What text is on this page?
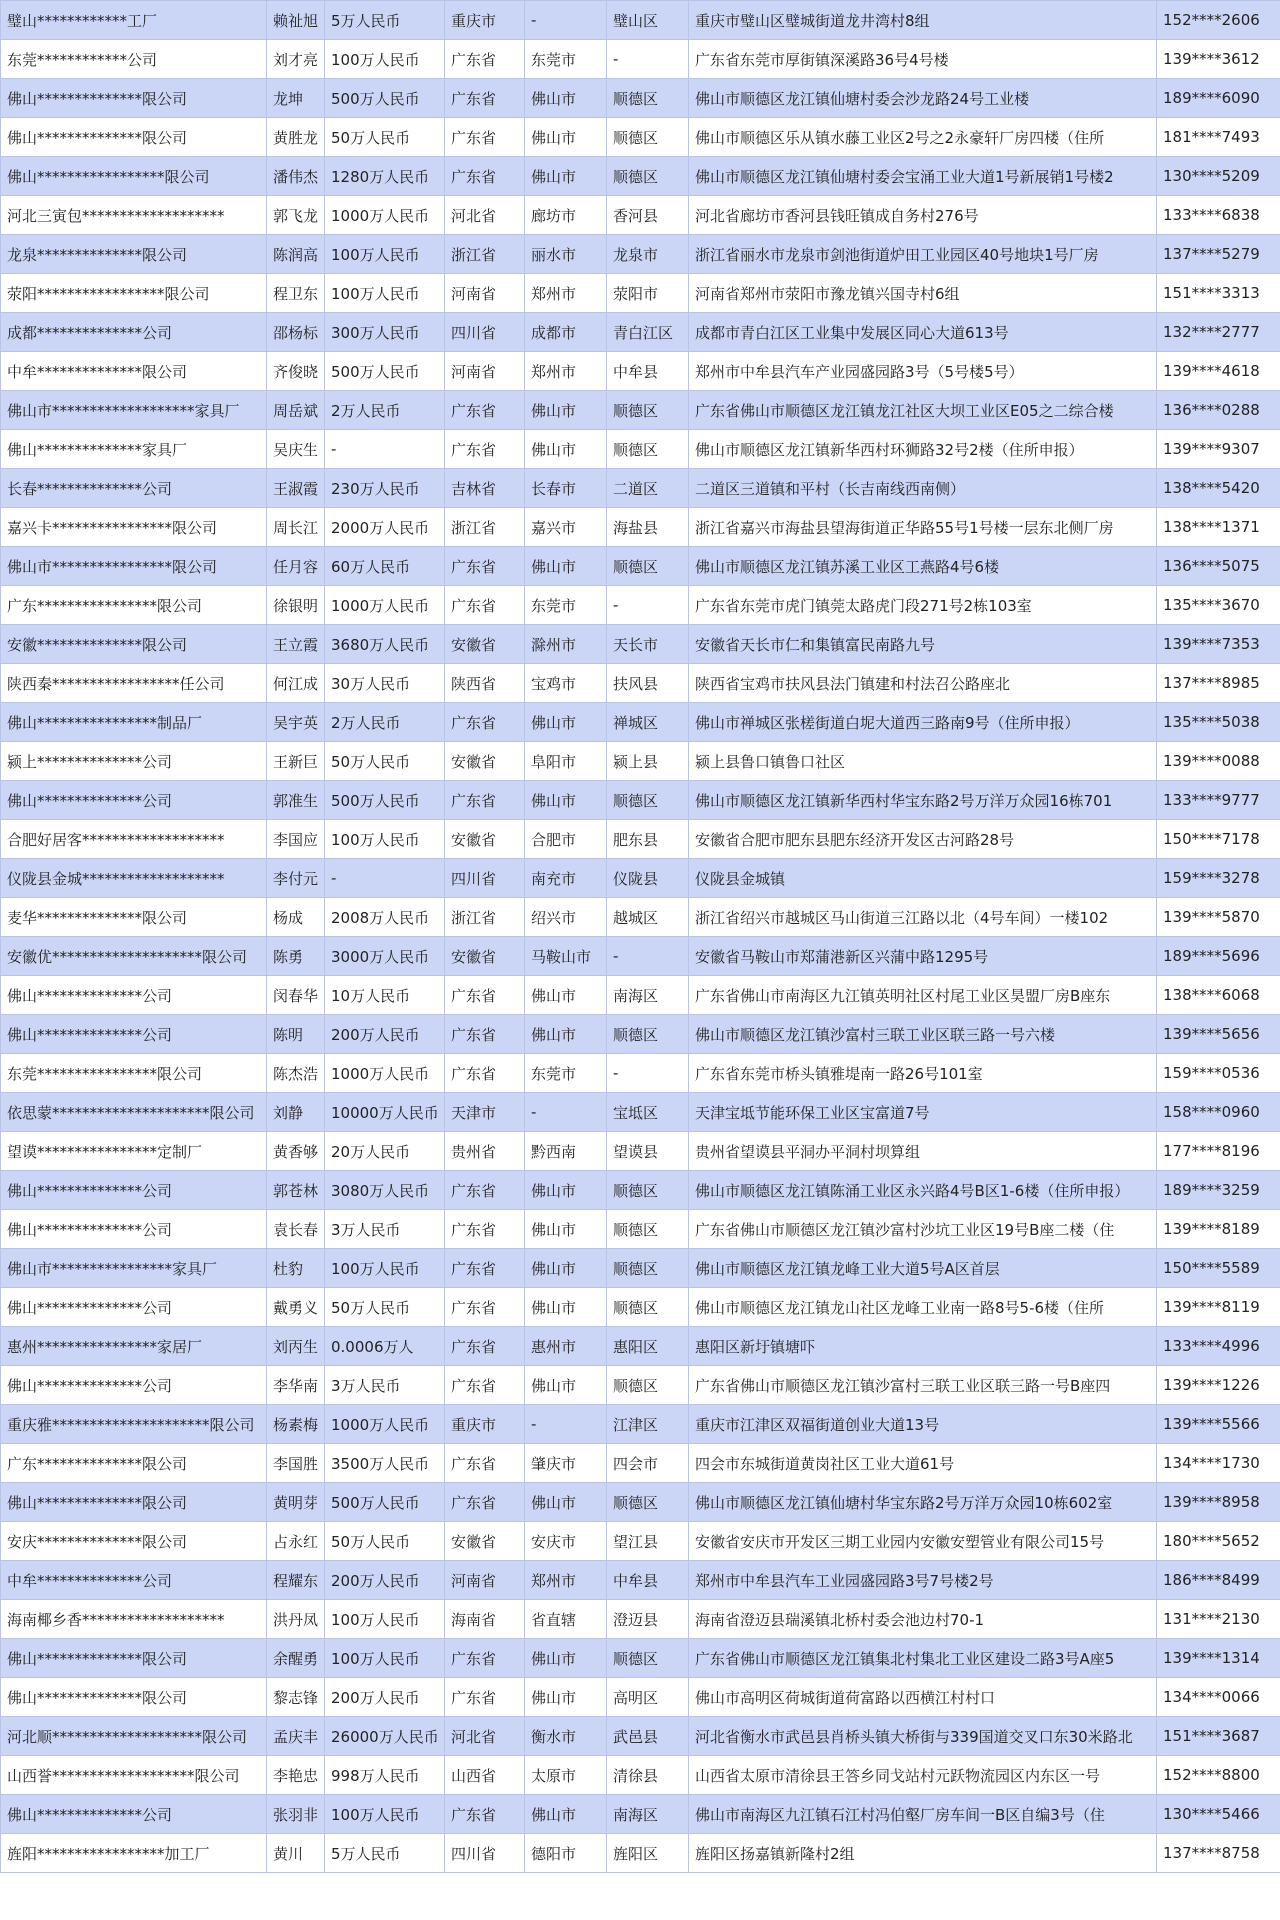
璧山************工厂	赖祉旭	5万人民币	重庆市	-	璧山区	重庆市璧山区璧城街道龙井湾村8组	152****2606
东莞************公司	刘才亮	100万人民币	广东省	东莞市	-	广东省东莞市厚街镇深溪路36号4号楼	139****3612
佛山**************限公司	龙坤	500万人民币	广东省	佛山市	顺德区	佛山市顺德区龙江镇仙塘村委会沙龙路24号工业楼	189****6090
佛山**************限公司	黄胜龙	50万人民币	广东省	佛山市	顺德区	佛山市顺德区乐从镇水藤工业区2号之2永豪轩厂房四楼（住所	181****7493
佛山*****************限公司	潘伟杰	1280万人民币	广东省	佛山市	顺德区	佛山市顺德区龙江镇仙塘村委会宝涌工业大道1号新展销1号楼2	130****5209
河北三寅包*******************	郭飞龙	1000万人民币	河北省	廊坊市	香河县	河北省廊坊市香河县钱旺镇成自务村276号	133****6838
龙泉**************限公司	陈润高	100万人民币	浙江省	丽水市	龙泉市	浙江省丽水市龙泉市剑池街道炉田工业园区40号地块1号厂房	137****5279
荥阳*****************限公司	程卫东	100万人民币	河南省	郑州市	荥阳市	河南省郑州市荥阳市豫龙镇兴国寺村6组	151****3313
成都**************公司	邵杨标	300万人民币	四川省	成都市	青白江区	成都市青白江区工业集中发展区同心大道613号	132****2777
中牟**************限公司	齐俊晓	500万人民币	河南省	郑州市	中牟县	郑州市中牟县汽车产业园盛园路3号（5号楼5号）	139****4618
佛山市*******************家具厂	周岳斌	2万人民币	广东省	佛山市	顺德区	广东省佛山市顺德区龙江镇龙江社区大坝工业区E05之二综合楼	136****0288
佛山**************家具厂	吴庆生	-	广东省	佛山市	顺德区	佛山市顺德区龙江镇新华西村环狮路32号2楼（住所申报）	139****9307
长春**************公司	王淑霞	230万人民币	吉林省	长春市	二道区	二道区三道镇和平村（长吉南线西南侧）	138****5420
嘉兴卡****************限公司	周长江	2000万人民币	浙江省	嘉兴市	海盐县	浙江省嘉兴市海盐县望海街道正华路55号1号楼一层东北侧厂房	138****1371
佛山市****************限公司	任月容	60万人民币	广东省	佛山市	顺德区	佛山市顺德区龙江镇苏溪工业区工燕路4号6楼	136****5075
广东****************限公司	徐银明	1000万人民币	广东省	东莞市	-	广东省东莞市虎门镇莞太路虎门段271号2栋103室	135****3670
安徽**************限公司	王立霞	3680万人民币	安徽省	滁州市	天长市	安徽省天长市仁和集镇富民南路九号	139****7353
陕西秦*****************任公司	何江成	30万人民币	陕西省	宝鸡市	扶风县	陕西省宝鸡市扶风县法门镇建和村法召公路座北	137****8985
佛山****************制品厂	吴宇英	2万人民币	广东省	佛山市	禅城区	佛山市禅城区张槎街道白坭大道西三路南9号（住所申报）	135****5038
颍上**************公司	王新巨	50万人民币	安徽省	阜阳市	颍上县	颍上县鲁口镇鲁口社区	139****0088
佛山**************公司	郭准生	500万人民币	广东省	佛山市	顺德区	佛山市顺德区龙江镇新华西村华宝东路2号万洋万众园16栋701	133****9777
合肥好居客*******************	李国应	100万人民币	安徽省	合肥市	肥东县	安徽省合肥市肥东县肥东经济开发区古河路28号	150****7178
仪陇县金城*******************	李付元	-	四川省	南充市	仪陇县	仪陇县金城镇	159****3278
麦华**************限公司	杨成	2008万人民币	浙江省	绍兴市	越城区	浙江省绍兴市越城区马山街道三江路以北（4号车间）一楼102	139****5870
安徽优********************限公司	陈勇	3000万人民币	安徽省	马鞍山市	-	安徽省马鞍山市郑蒲港新区兴蒲中路1295号	189****5696
佛山**************公司	闵春华	10万人民币	广东省	佛山市	南海区	广东省佛山市南海区九江镇英明社区村尾工业区昊盟厂房B座东	138****6068
佛山**************公司	陈明	200万人民币	广东省	佛山市	顺德区	佛山市顺德区龙江镇沙富村三联工业区联三路一号六楼	139****5656
东莞****************限公司	陈杰浩	1000万人民币	广东省	东莞市	-	广东省东莞市桥头镇雅堤南一路26号101室	159****0536
依思蒙*********************限公司	刘静	10000万人民币	天津市	-	宝坻区	天津宝坻节能环保工业区宝富道7号	158****0960
望谟****************定制厂	黄香够	20万人民币	贵州省	黔西南	望谟县	贵州省望谟县平洞办平洞村坝算组	177****8196
佛山**************公司	郭苍林	3080万人民币	广东省	佛山市	顺德区	佛山市顺德区龙江镇陈涌工业区永兴路4号B区1-6楼（住所申报）	189****3259
佛山**************公司	袁长春	3万人民币	广东省	佛山市	顺德区	广东省佛山市顺德区龙江镇沙富村沙坑工业区19号B座二楼（住	139****8189
佛山市****************家具厂	杜豹	100万人民币	广东省	佛山市	顺德区	佛山市顺德区龙江镇龙峰工业大道5号A区首层	150****5589
佛山**************公司	戴勇义	50万人民币	广东省	佛山市	顺德区	佛山市顺德区龙江镇龙山社区龙峰工业南一路8号5-6楼（住所	139****8119
惠州****************家居厂	刘丙生	0.0006万人	广东省	惠州市	惠阳区	惠阳区新圩镇塘吓	133****4996
佛山**************公司	李华南	3万人民币	广东省	佛山市	顺德区	广东省佛山市顺德区龙江镇沙富村三联工业区联三路一号B座四	139****1226
重庆雅*********************限公司	杨素梅	1000万人民币	重庆市	-	江津区	重庆市江津区双福街道创业大道13号	139****5566
广东**************限公司	李国胜	3500万人民币	广东省	肇庆市	四会市	四会市东城街道黄岗社区工业大道61号	134****1730
佛山**************限公司	黄明芽	500万人民币	广东省	佛山市	顺德区	佛山市顺德区龙江镇仙塘村华宝东路2号万洋万众园10栋602室	139****8958
安庆**************限公司	占永红	50万人民币	安徽省	安庆市	望江县	安徽省安庆市开发区三期工业园内安徽安塑管业有限公司15号	180****5652
中牟**************公司	程耀东	200万人民币	河南省	郑州市	中牟县	郑州市中牟县汽车工业园盛园路3号7号楼2号	186****8499
海南椰乡香*******************	洪丹凤	100万人民币	海南省	省直辖	澄迈县	海南省澄迈县瑞溪镇北桥村委会池边村70-1	131****2130
佛山**************限公司	余醒勇	100万人民币	广东省	佛山市	顺德区	广东省佛山市顺德区龙江镇集北村集北工业区建设二路3号A座5	139****1314
佛山**************限公司	黎志锋	200万人民币	广东省	佛山市	高明区	佛山市高明区荷城街道荷富路以西横江村村口	134****0066
河北顺********************限公司	孟庆丰	26000万人民币	河北省	衡水市	武邑县	河北省衡水市武邑县肖桥头镇大桥街与339国道交叉口东30米路北	151****3687
山西誉*******************限公司	李艳忠	998万人民币	山西省	太原市	清徐县	山西省太原市清徐县王答乡同戈站村元跃物流园区内东区一号	152****8800
佛山**************公司	张羽非	100万人民币	广东省	佛山市	南海区	佛山市南海区九江镇石江村冯伯壑厂房车间一B区自编3号（住	130****5466
旌阳*****************加工厂	黄川	5万人民币	四川省	德阳市	旌阳区	旌阳区扬嘉镇新隆村2组	137****8758
